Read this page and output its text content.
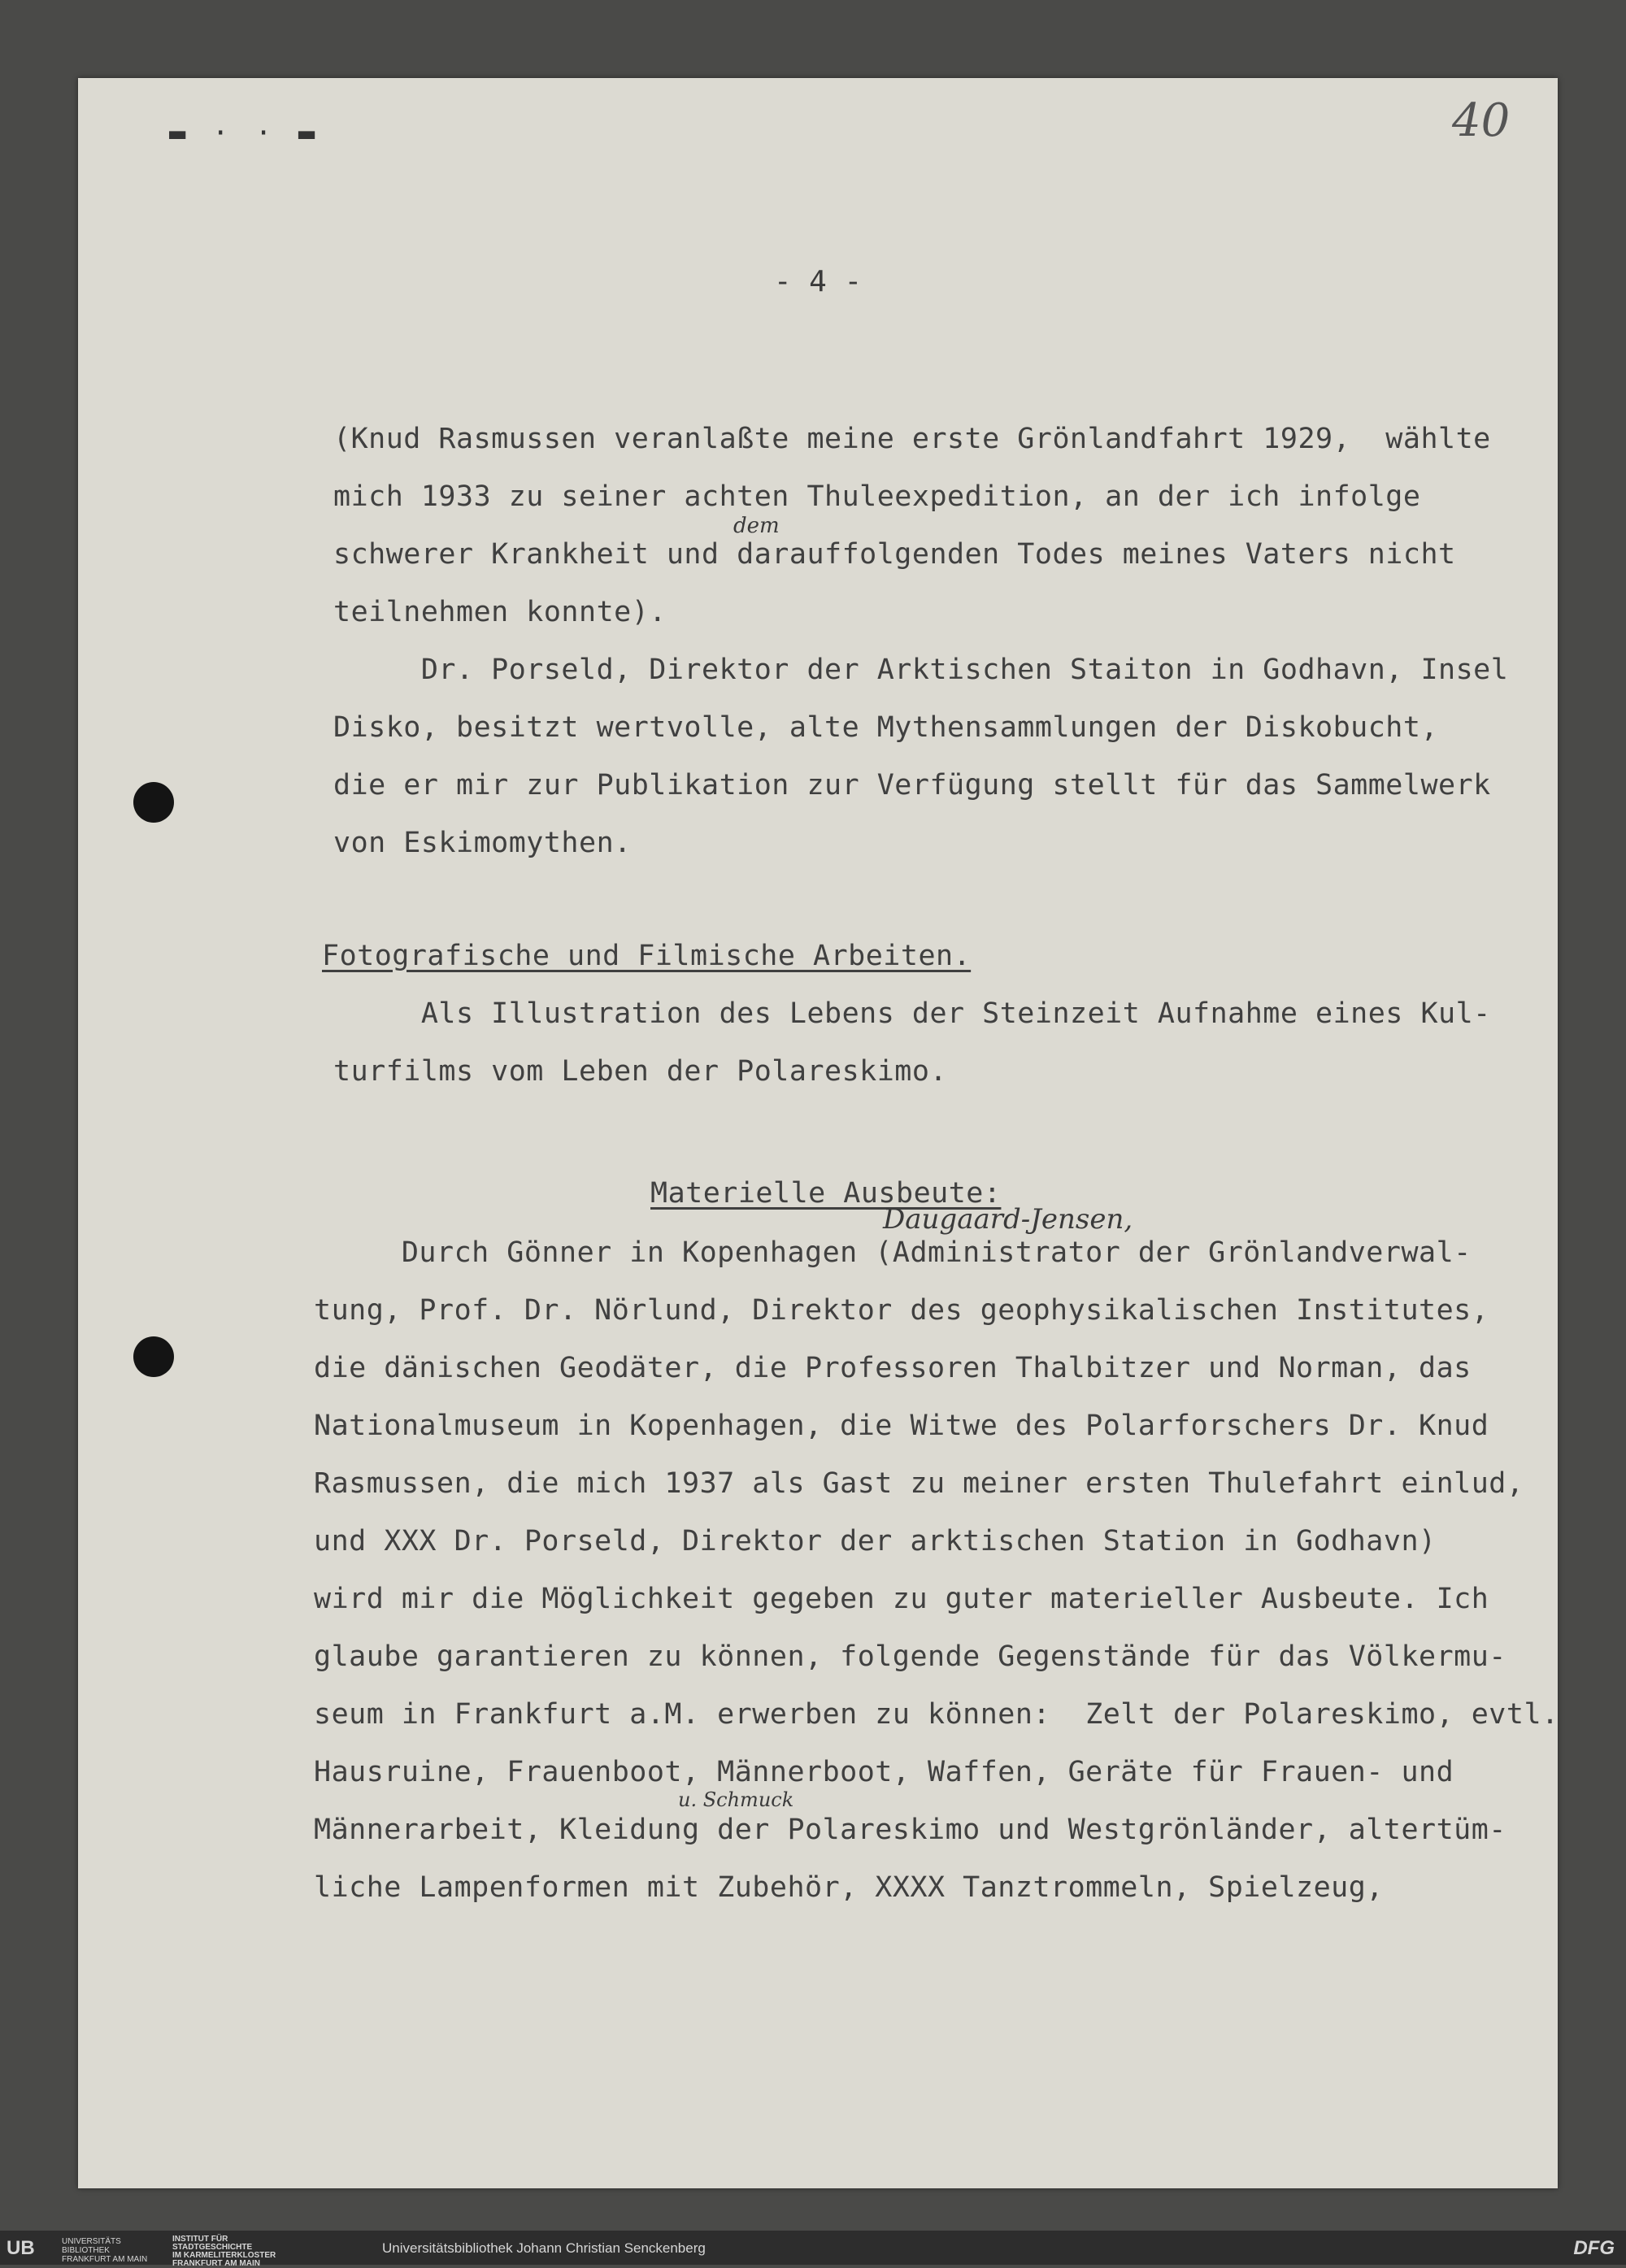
▬ · · ▬	40
- 4 -
(Knud Rasmussen veranlaßte meine erste Grönlandfahrt 1929,  wählte
mich 1933 zu seiner achten Thuleexpedition, an der ich infolge
schwerer Krankheit und darauffolgenden Todes meines Vaters nicht
teilnehmen konnte).
Dr. Porseld, Direktor der Arktischen Staiton in Godhavn, Insel
Disko, besitzt wertvolle, alte Mythensammlungen der Diskobucht,
die er mir zur Publikation zur Verfügung stellt für das Sammelwerk
von Eskimomythen.
dem
Fotografische und Filmische Arbeiten.
Als Illustration des Lebens der Steinzeit Aufnahme eines Kul-
turfilms vom Leben der Polareskimo.
Materielle Ausbeute:
Daugaard-Jensen,
Durch Gönner in Kopenhagen (Administrator der Grönlandverwal-
tung, Prof. Dr. Nörlund, Direktor des geophysikalischen Institutes,
die dänischen Geodäter, die Professoren Thalbitzer und Norman, das
Nationalmuseum in Kopenhagen, die Witwe des Polarforschers Dr. Knud
Rasmussen, die mich 1937 als Gast zu meiner ersten Thulefahrt einlud,
und XXX Dr. Porseld, Direktor der arktischen Station in Godhavn)
wird mir die Möglichkeit gegeben zu guter materieller Ausbeute. Ich
glaube garantieren zu können, folgende Gegenstände für das Völkermu-
seum in Frankfurt a.M. erwerben zu können:  Zelt der Polareskimo, evtl.
Hausruine, Frauenboot, Männerboot, Waffen, Geräte für Frauen- und
u. Schmuck
Männerarbeit, Kleidung der Polareskimo und Westgrönländer, altertüm-
liche Lampenformen mit Zubehör, XXXX Tanztrommeln, Spielzeug,
UB	UNIVERSITÄTS
BIBLIOTHEK
FRANKFURT AM MAIN
INSTITUT FÜR
STADTGESCHICHTE
IM KARMELITERKLOSTER
FRANKFURT AM MAIN
Universitätsbibliothek Johann Christian Senckenberg	DFG
